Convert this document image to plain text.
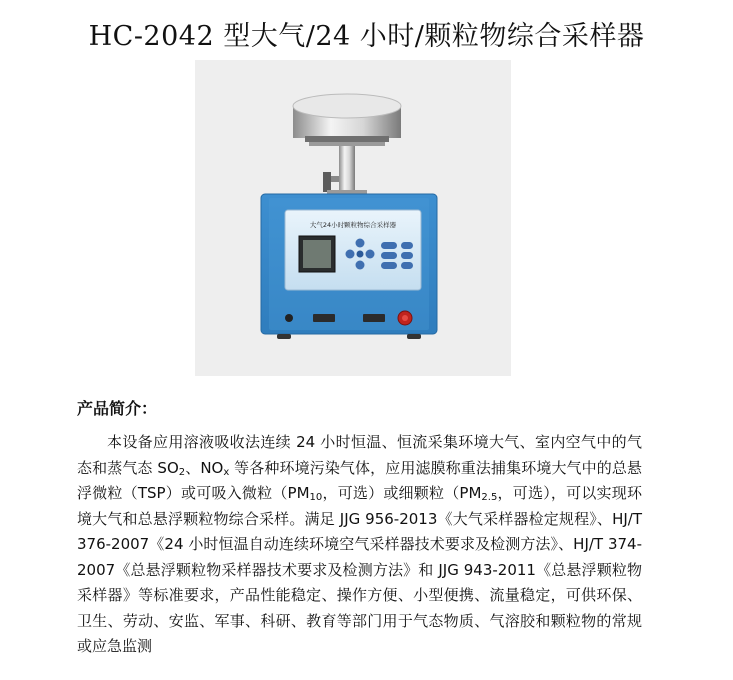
HC-2042 型大气/24 小时/颗粒物综合采样器
大气24小时颗粒物综合采样器
产品简介：

本设备应用溶液吸收法连续 24 小时恒温、恒流采集环境大气、室内空气中的气态和蒸气态 $SO_2$、$NO_x$ 等各种环境污染气体，应用滤膜称重法捕集环境大气中的总悬浮微粒（TSP）或可吸入微粒（$PM_{10}$，可选）或细颗粒（$PM_{2.5}$，可选），可以实现环境大气和总悬浮颗粒物综合采样。满足 JJG 956-2013《大气采样器检定规程》、HJ/T 376-2007《24 小时恒温自动连续环境空气采样器技术要求及检测方法》、HJ/T 374-2007《总悬浮颗粒物采样器技术要求及检测方法》和 JJG 943-2011《总悬浮颗粒物采样器》等标准要求，产品性能稳定、操作方便、小型便携、流量稳定，可供环保、卫生、劳动、安监、军事、科研、教育等部门用于气态物质、气溶胶和颗粒物的常规或应急监测
